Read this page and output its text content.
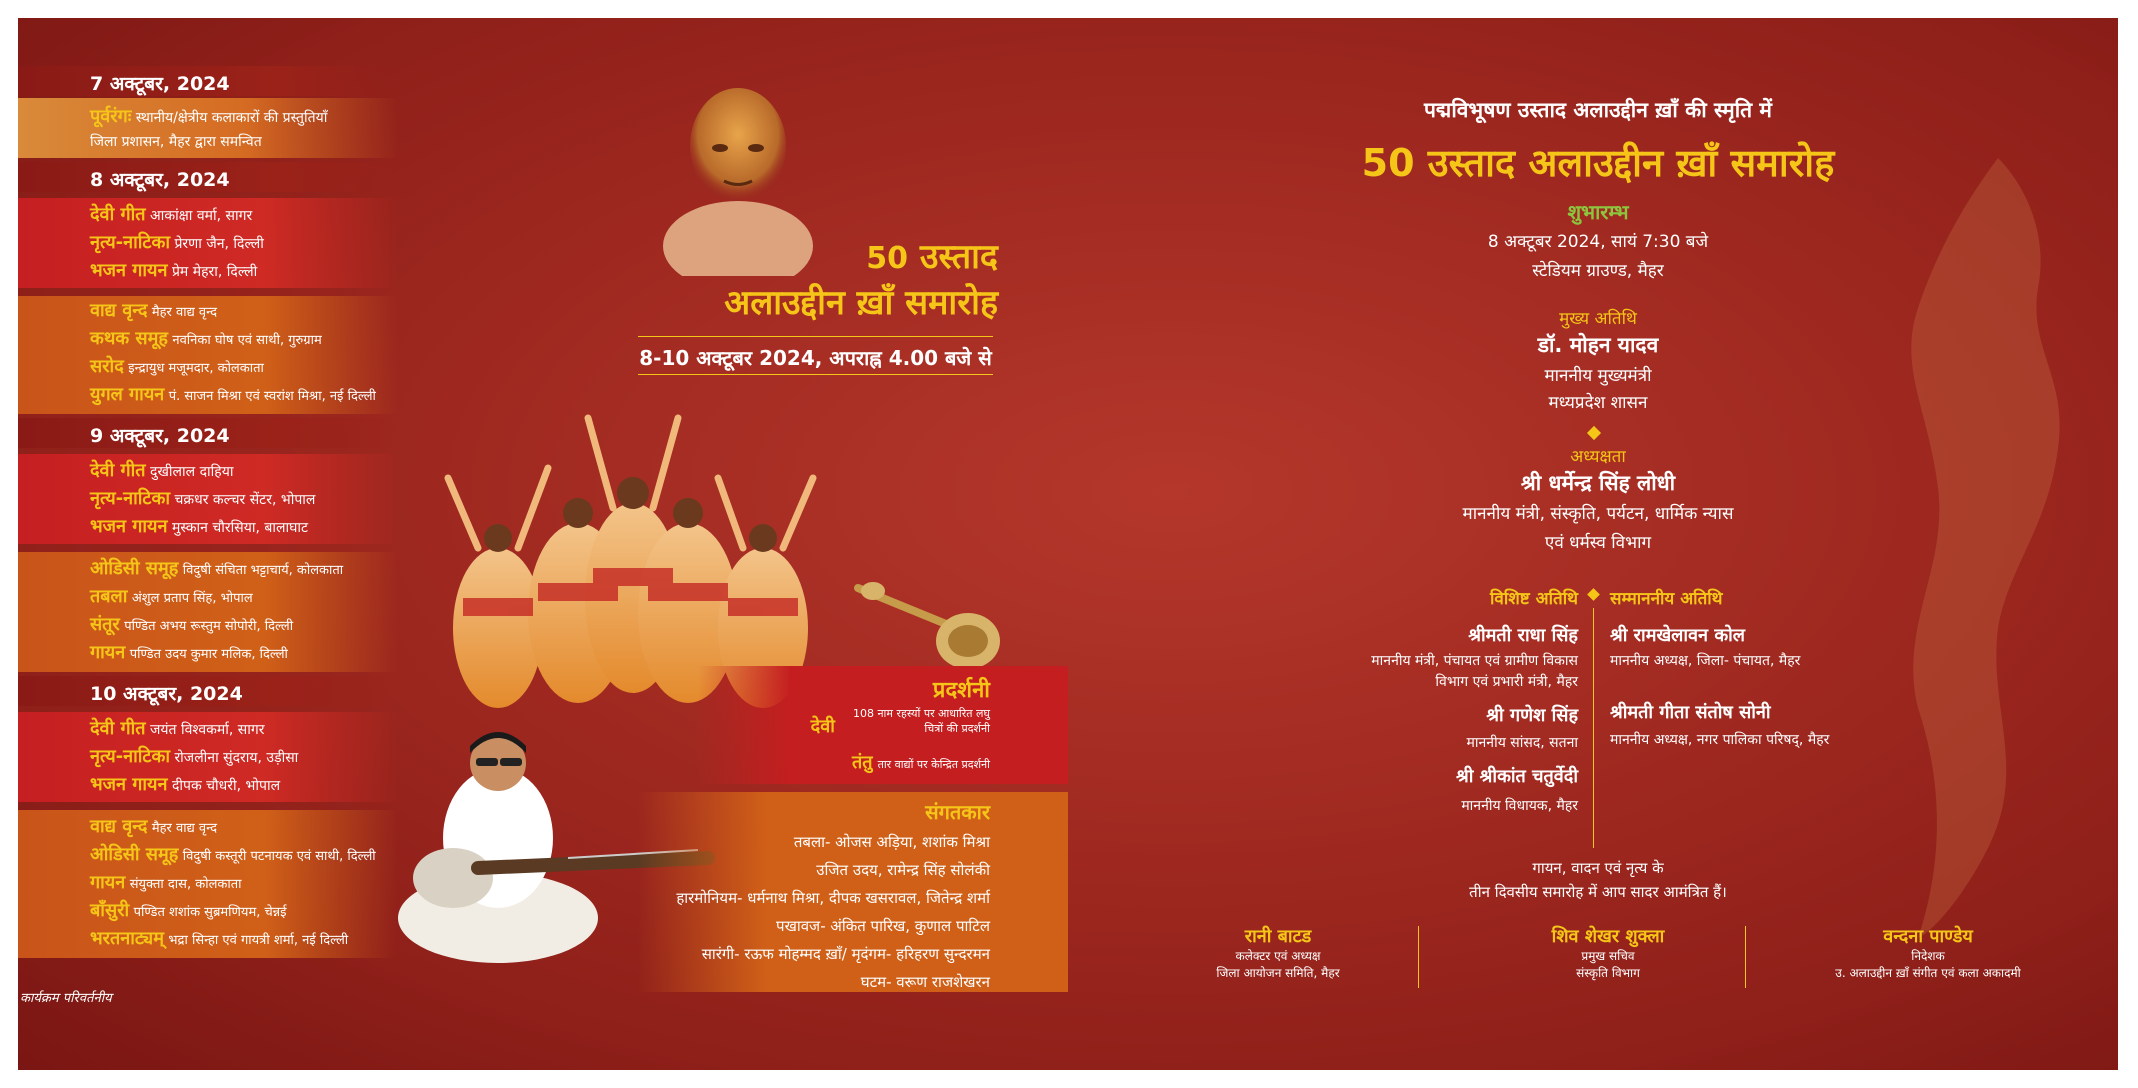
7 अक्टूबर, 2024
पूर्वरंगः स्थानीय/क्षेत्रीय कलाकारों की प्रस्तुतियाँ
जिला प्रशासन, मैहर द्वारा समन्वित
8 अक्टूबर, 2024
देवी गीत आकांक्षा वर्मा, सागर
नृत्य-नाटिका प्रेरणा जैन, दिल्ली
भजन गायन प्रेम मेहरा, दिल्ली
वाद्य वृन्द मैहर वाद्य वृन्द
कथक समूह नवनिका घोष एवं साथी, गुरुग्राम
सरोद इन्द्रायुध मजूमदार, कोलकाता
युगल गायन पं. साजन मिश्रा एवं स्वरांश मिश्रा, नई दिल्ली
9 अक्टूबर, 2024
देवी गीत दुखीलाल दाहिया
नृत्य-नाटिका चक्रधर कल्चर सेंटर, भोपाल
भजन गायन मुस्कान चौरसिया, बालाघाट
ओडिसी समूह विदुषी संचिता भट्टाचार्य, कोलकाता
तबला अंशुल प्रताप सिंह, भोपाल
संतूर पण्डित अभय रूस्तुम सोपोरी, दिल्ली
गायन पण्डित उदय कुमार मलिक, दिल्ली
10 अक्टूबर, 2024
देवी गीत जयंत विश्वकर्मा, सागर
नृत्य-नाटिका रोजलीना सुंदराय, उड़ीसा
भजन गायन दीपक चौधरी, भोपाल
वाद्य वृन्द मैहर वाद्य वृन्द
ओडिसी समूह विदुषी कस्तूरी पटनायक एवं साथी, दिल्ली
गायन संयुक्ता दास, कोलकाता
बाँसुरी पण्डित शशांक सुब्रमणियम, चेन्नई
भरतनाट्यम् भद्रा सिन्हा एवं गायत्री शर्मा, नई दिल्ली
कार्यक्रम परिवर्तनीय
50 उस्ताद
अलाउद्दीन ख़ाँ समारोह
8-10 अक्टूबर 2024, अपराह्न 4.00 बजे से
प्रदर्शनी
देवी 108 नाम रहस्यों पर आधारित लघु चित्रों की प्रदर्शनी
तंतु तार वाद्यों पर केन्द्रित प्रदर्शनी
संगतकार
तबला- ओजस अड़िया, शशांक मिश्रा
उजित उदय, रामेन्द्र सिंह सोलंकी
हारमोनियम- धर्मनाथ मिश्रा, दीपक खसरावल, जितेन्द्र शर्मा
पखावज- अंकित पारिख, कुणाल पाटिल
सारंगी- रऊफ मोहम्मद ख़ाँ/ मृदंगम- हरिहरण सुन्दरमन
घटम- वरूण राजशेखरन
पद्मविभूषण उस्ताद अलाउद्दीन ख़ाँ की स्मृति में
50 उस्ताद अलाउद्दीन ख़ाँ समारोह
शुभारम्भ
8 अक्टूबर 2024, सायं 7:30 बजे
स्टेडियम ग्राउण्ड, मैहर
मुख्य अतिथि
डॉ. मोहन यादव
माननीय मुख्यमंत्री
मध्यप्रदेश शासन
अध्यक्षता
श्री धर्मेन्द्र सिंह लोधी
माननीय मंत्री, संस्कृति, पर्यटन, धार्मिक न्यास
एवं धर्मस्व विभाग
विशिष्ट अतिथि
श्रीमती राधा सिंह
माननीय मंत्री, पंचायत एवं ग्रामीण विकास
विभाग एवं प्रभारी मंत्री, मैहर
श्री गणेश सिंह
माननीय सांसद, सतना
श्री श्रीकांत चतुर्वेदी
माननीय विधायक, मैहर
सम्माननीय अतिथि
श्री रामखेलावन कोल
माननीय अध्यक्ष, जिला- पंचायत, मैहर
श्रीमती गीता संतोष सोनी
माननीय अध्यक्ष, नगर पालिका परिषद्, मैहर
गायन, वादन एवं नृत्य के
तीन दिवसीय समारोह में आप सादर आमंत्रित हैं।
रानी बाटड
कलेक्टर एवं अध्यक्ष
जिला आयोजन समिति, मैहर
शिव शेखर शुक्ला
प्रमुख सचिव
संस्कृति विभाग
वन्दना पाण्डेय
निदेशक
उ. अलाउद्दीन ख़ाँ संगीत एवं कला अकादमी
